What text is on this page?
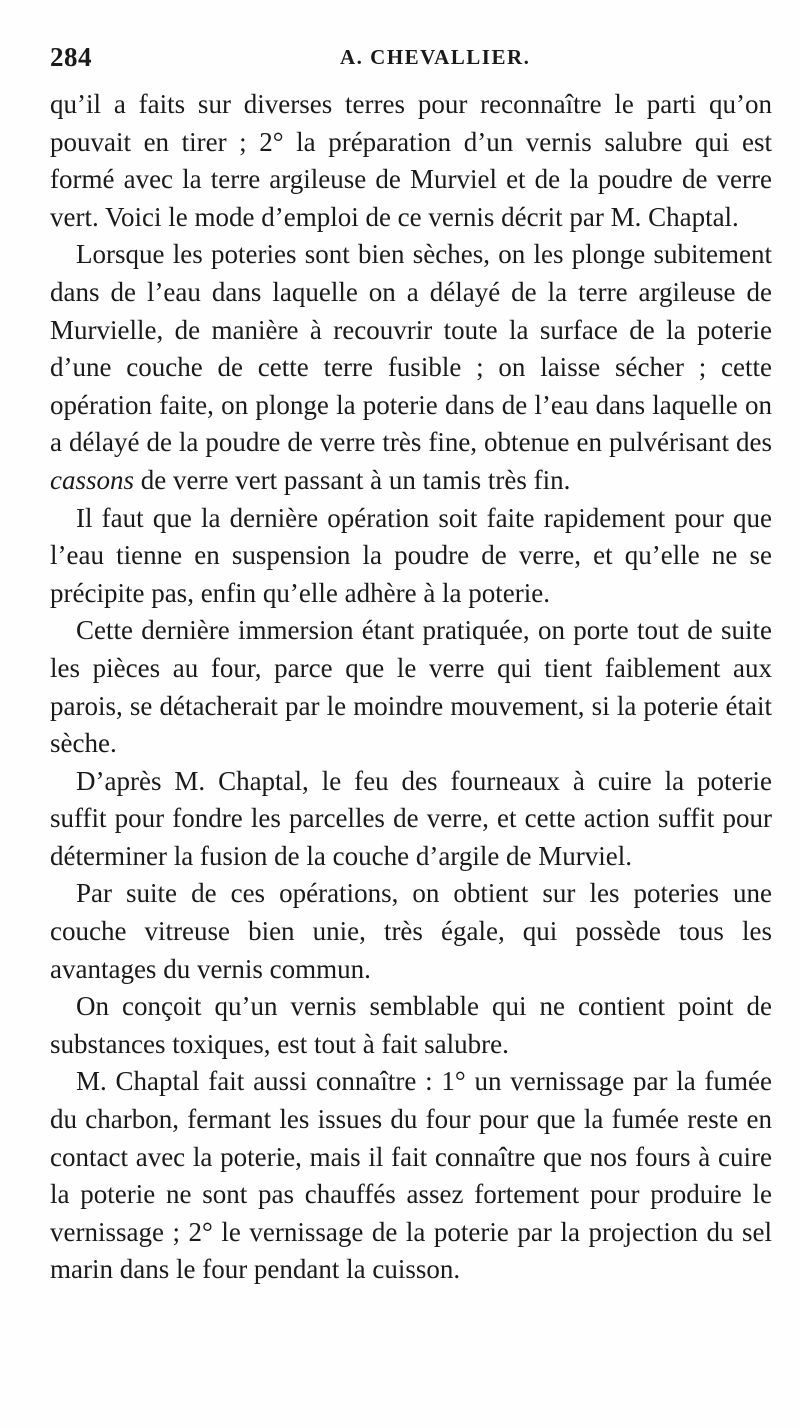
284	A. CHEVALLIER.

qu’il a faits sur diverses terres pour reconnaître le parti qu’on pouvait en tirer ; 2° la préparation d’un vernis salubre qui est formé avec la terre argileuse de Murviel et de la poudre de verre vert. Voici le mode d’emploi de ce vernis décrit par M. Chaptal.

Lorsque les poteries sont bien sèches, on les plonge subitement dans de l’eau dans laquelle on a délayé de la terre argileuse de Murvielle, de manière à recouvrir toute la surface de la poterie d’une couche de cette terre fusible ; on laisse sécher ; cette opération faite, on plonge la poterie dans de l’eau dans laquelle on a délayé de la poudre de verre très fine, obtenue en pulvérisant des cassons de verre vert passant à un tamis très fin.

Il faut que la dernière opération soit faite rapidement pour que l’eau tienne en suspension la poudre de verre, et qu’elle ne se précipite pas, enfin qu’elle adhère à la poterie.

Cette dernière immersion étant pratiquée, on porte tout de suite les pièces au four, parce que le verre qui tient faiblement aux parois, se détacherait par le moindre mouvement, si la poterie était sèche.

D’après M. Chaptal, le feu des fourneaux à cuire la poterie suffit pour fondre les parcelles de verre, et cette action suffit pour déterminer la fusion de la couche d’argile de Murviel.

Par suite de ces opérations, on obtient sur les poteries une couche vitreuse bien unie, très égale, qui possède tous les avantages du vernis commun.

On conçoit qu’un vernis semblable qui ne contient point de substances toxiques, est tout à fait salubre.

M. Chaptal fait aussi connaître : 1° un vernissage par la fumée du charbon, fermant les issues du four pour que la fumée reste en contact avec la poterie, mais il fait connaître que nos fours à cuire la poterie ne sont pas chauffés assez fortement pour produire le vernissage ; 2° le vernissage de la poterie par la projection du sel marin dans le four pendant la cuisson.
